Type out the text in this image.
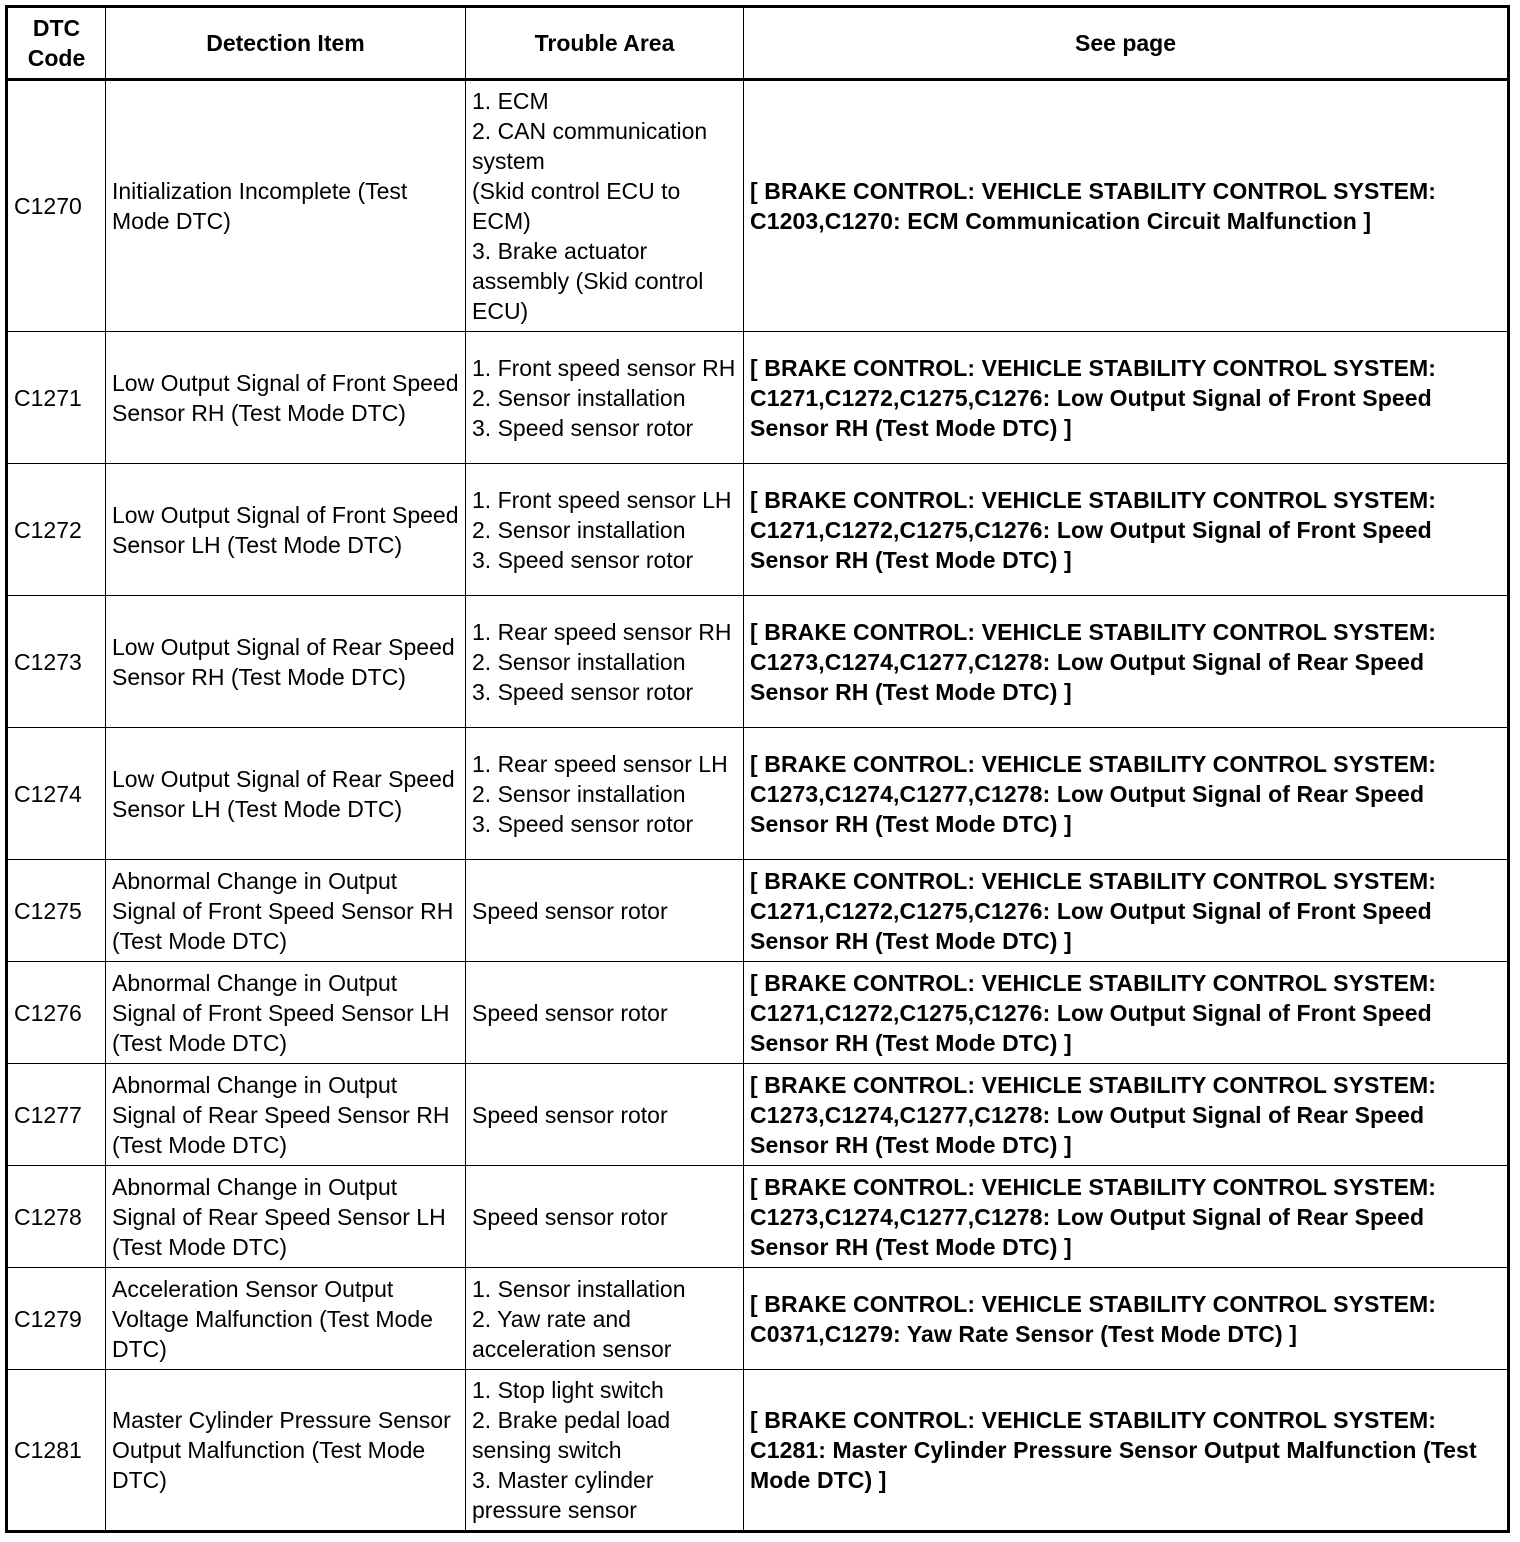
DTC
Code	Detection Item	Trouble Area	See page
C1270	Initialization Incomplete (Test Mode DTC)	1. ECM
2. CAN communication system
(Skid control ECU to ECM)
3. Brake actuator assembly (Skid control ECU)	[ BRAKE CONTROL: VEHICLE STABILITY CONTROL SYSTEM: C1203,C1270: ECM Communication Circuit Malfunction ]
C1271	Low Output Signal of Front Speed Sensor RH (Test Mode DTC)	1. Front speed sensor RH
2. Sensor installation
3. Speed sensor rotor	[ BRAKE CONTROL: VEHICLE STABILITY CONTROL SYSTEM: C1271,C1272,C1275,C1276: Low Output Signal of Front Speed Sensor RH (Test Mode DTC) ]
C1272	Low Output Signal of Front Speed Sensor LH (Test Mode DTC)	1. Front speed sensor LH
2. Sensor installation
3. Speed sensor rotor	[ BRAKE CONTROL: VEHICLE STABILITY CONTROL SYSTEM: C1271,C1272,C1275,C1276: Low Output Signal of Front Speed Sensor RH (Test Mode DTC) ]
C1273	Low Output Signal of Rear Speed Sensor RH (Test Mode DTC)	1. Rear speed sensor RH
2. Sensor installation
3. Speed sensor rotor	[ BRAKE CONTROL: VEHICLE STABILITY CONTROL SYSTEM: C1273,C1274,C1277,C1278: Low Output Signal of Rear Speed Sensor RH (Test Mode DTC) ]
C1274	Low Output Signal of Rear Speed Sensor LH (Test Mode DTC)	1. Rear speed sensor LH
2. Sensor installation
3. Speed sensor rotor	[ BRAKE CONTROL: VEHICLE STABILITY CONTROL SYSTEM: C1273,C1274,C1277,C1278: Low Output Signal of Rear Speed Sensor RH (Test Mode DTC) ]
C1275	Abnormal Change in Output Signal of Front Speed Sensor RH (Test Mode DTC)	Speed sensor rotor	[ BRAKE CONTROL: VEHICLE STABILITY CONTROL SYSTEM: C1271,C1272,C1275,C1276: Low Output Signal of Front Speed Sensor RH (Test Mode DTC) ]
C1276	Abnormal Change in Output Signal of Front Speed Sensor LH (Test Mode DTC)	Speed sensor rotor	[ BRAKE CONTROL: VEHICLE STABILITY CONTROL SYSTEM: C1271,C1272,C1275,C1276: Low Output Signal of Front Speed Sensor RH (Test Mode DTC) ]
C1277	Abnormal Change in Output Signal of Rear Speed Sensor RH (Test Mode DTC)	Speed sensor rotor	[ BRAKE CONTROL: VEHICLE STABILITY CONTROL SYSTEM: C1273,C1274,C1277,C1278: Low Output Signal of Rear Speed Sensor RH (Test Mode DTC) ]
C1278	Abnormal Change in Output Signal of Rear Speed Sensor LH (Test Mode DTC)	Speed sensor rotor	[ BRAKE CONTROL: VEHICLE STABILITY CONTROL SYSTEM: C1273,C1274,C1277,C1278: Low Output Signal of Rear Speed Sensor RH (Test Mode DTC) ]
C1279	Acceleration Sensor Output Voltage Malfunction (Test Mode DTC)	1. Sensor installation
2. Yaw rate and acceleration sensor	[ BRAKE CONTROL: VEHICLE STABILITY CONTROL SYSTEM: C0371,C1279: Yaw Rate Sensor (Test Mode DTC) ]
C1281	Master Cylinder Pressure Sensor Output Malfunction (Test Mode DTC)	1. Stop light switch
2. Brake pedal load sensing switch
3. Master cylinder pressure sensor	[ BRAKE CONTROL: VEHICLE STABILITY CONTROL SYSTEM: C1281: Master Cylinder Pressure Sensor Output Malfunction (Test Mode DTC) ]
